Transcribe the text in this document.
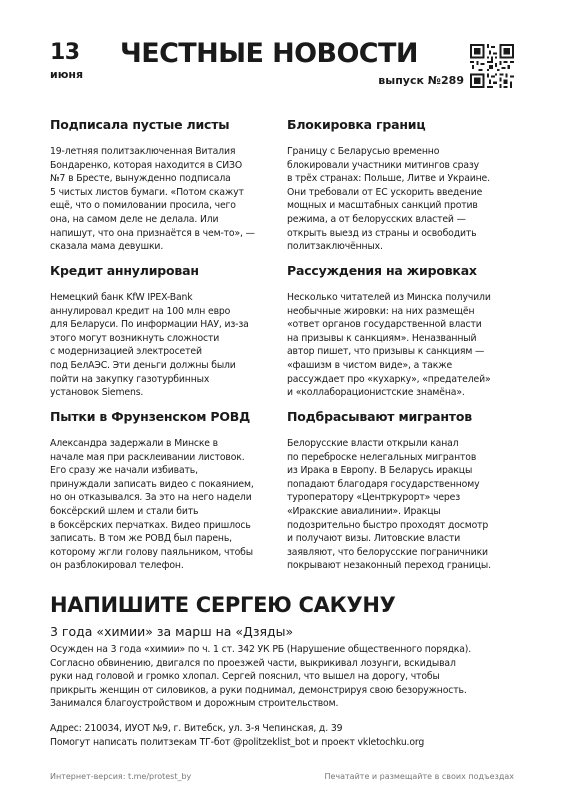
13
июня
ЧЕСТНЫЕ НОВОСТИ
выпуск №289
Подписала пустые листы
19-летняя политзаключенная Виталия
Бондаренко, которая находится в СИЗО
№7 в Бресте, вынужденно подписала
5 чистых листов бумаги. «Потом скажут
ещё, что о помиловании просила, чего
она, на самом деле не делала. Или
напишут, что она признаётся в чем-то», —
сказала мама девушки.
Кредит аннулирован
Немецкий банк KfW IPEX-Bank
аннулировал кредит на 100 млн евро
для Беларуси. По информации НАУ, из-за
этого могут возникнуть сложности
с модернизацией электросетей
под БелАЭС. Эти деньги должны были
пойти на закупку газотурбинных
установок Siemens.
Пытки в Фрунзенском РОВД
Александра задержали в Минске в
начале мая при расклеивании листовок.
Его сразу же начали избивать,
принуждали записать видео с покаянием,
но он отказывался. За это на него надели
боксёрский шлем и стали бить
в боксёрских перчатках. Видео пришлось
записать. В том же РОВД был парень,
которому жгли голову паяльником, чтобы
он разблокировал телефон.
Блокировка границ
Границу с Беларусью временно
блокировали участники митингов сразу
в трёх странах: Польше, Литве и Украине.
Они требовали от ЕС ускорить введение
мощных и масштабных санкций против
режима, а от белорусских властей —
открыть выезд из страны и освободить
политзаключённых.
Рассуждения на жировках
Несколько читателей из Минска получили
необычные жировки: на них размещён
«ответ органов государственной власти
на призывы к санкциям». Неназванный
автор пишет, что призывы к санкциям —
«фашизм в чистом виде», а также
рассуждает про «кухарку», «предателей»
и «коллаборационистские знамёна».
Подбрасывают мигрантов
Белорусские власти открыли канал
по переброске нелегальных мигрантов
из Ирака в Европу. В Беларусь иракцы
попадают благодаря государственному
туроператору «Центркурорт» через
«Иракские авиалинии». Иракцы
подозрительно быстро проходят досмотр
и получают визы. Литовские власти
заявляют, что белорусские пограничники
покрывают незаконный переход границы.
НАПИШИТЕ СЕРГЕЮ САКУНУ
3 года «химии» за марш на «Дзяды»
Осужден на 3 года «химии» по ч. 1 ст. 342 УК РБ (Нарушение общественного порядка).
Согласно обвинению, двигался по проезжей части, выкрикивал лозунги, вскидывал
руки над головой и громко хлопал. Сергей пояснил, что вышел на дорогу, чтобы
прикрыть женщин от силовиков, а руки поднимал, демонстрируя свою безоружность.
Занимался благоустройством и дорожным строительством.
Адрес: 210034, ИУОТ №9, г. Витебск, ул. 3-я Чепинская, д. 39
Помогут написать политзекам ТГ-бот @politzeklist_bot и проект vkletochku.org
Интернет-версия: t.me/protest_by	Печатайте и размещайте в своих подъездах
